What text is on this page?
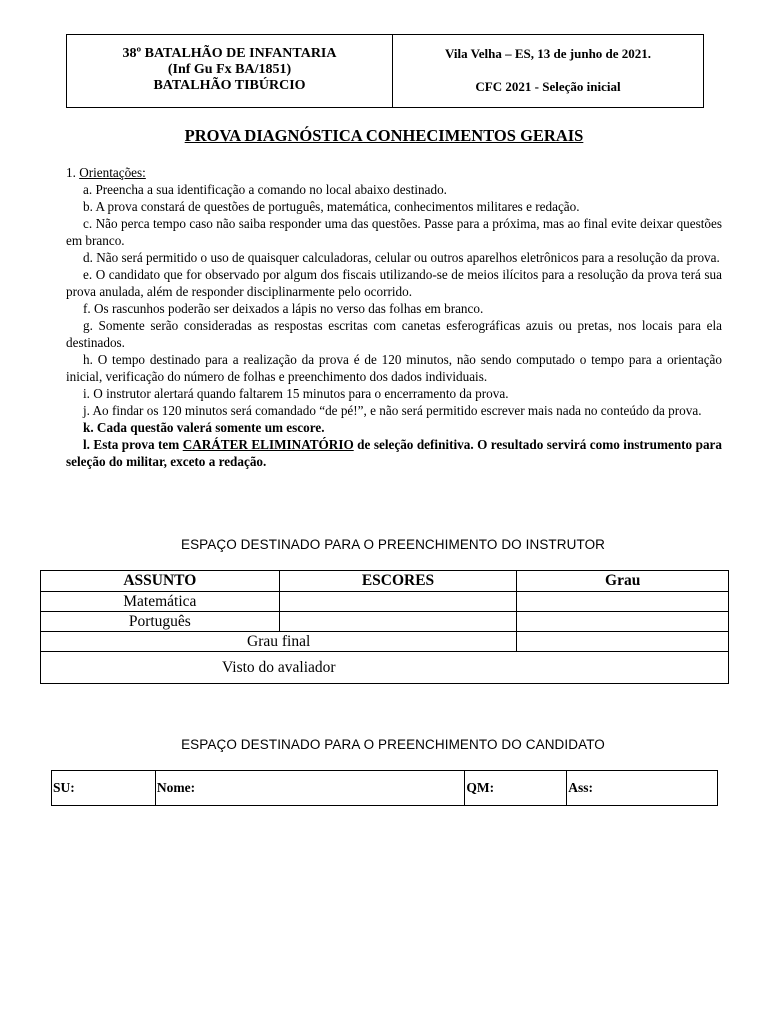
38º BATALHÃO DE INFANTARIA
(Inf Gu Fx BA/1851)
BATALHÃO TIBÚRCIO
Vila Velha – ES, 13 de junho de 2021.
CFC 2021 - Seleção inicial
PROVA DIAGNÓSTICA CONHECIMENTOS GERAIS

1. Orientações:

a. Preencha a sua identificação a comando no local abaixo destinado.

b. A prova constará de questões de português, matemática, conhecimentos militares e redação.

c. Não perca tempo caso não saiba responder uma das questões. Passe para a próxima, mas ao final evite deixar questões em branco.

d. Não será permitido o uso de quaisquer calculadoras, celular ou outros aparelhos eletrônicos para a resolução da prova.

e. O candidato que for observado por algum dos fiscais utilizando-se de meios ilícitos para a resolução da prova terá sua prova anulada, além de responder disciplinarmente pelo ocorrido.

f. Os rascunhos poderão ser deixados a lápis no verso das folhas em branco.

g. Somente serão consideradas as respostas escritas com canetas esferográficas azuis ou pretas, nos locais para ela destinados.

h. O tempo destinado para a realização da prova é de 120 minutos, não sendo computado o tempo para a orientação inicial, verificação do número de folhas e preenchimento dos dados individuais.

i. O instrutor alertará quando faltarem 15 minutos para o encerramento da prova.

j. Ao findar os 120 minutos será comandado “de pé!”, e não será permitido escrever mais nada no conteúdo da prova.

k. Cada questão valerá somente um escore.

l. Esta prova tem CARÁTER ELIMINATÓRIO de seleção definitiva. O resultado servirá como instrumento para seleção do militar, exceto a redação.

ESPAÇO DESTINADO PARA O PREENCHIMENTO DO INSTRUTOR
ASSUNTO	ESCORES	Grau
Matemática		
Português		
Grau final		
Visto do avaliador		
ESPAÇO DESTINADO PARA O PREENCHIMENTO DO CANDIDATO
SU:	Nome:	QM:	Ass:
